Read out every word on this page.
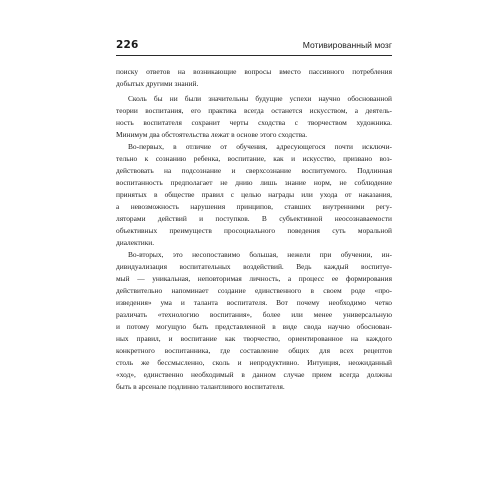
226	Мотивированный мозг
поиску ответов на возникающие вопросы вместо пассивного потребления
добытых другими знаний.
Сколь бы ни были значительны будущие успехи научно обоснованной
теории воспитания, его практика всегда останется искусством, а деятель-
ность воспитателя сохранит черты сходства с творчеством художника.
Минимум два обстоятельства лежат в основе этого сходства.
Во-первых, в отличие от обучения, адресующегося почти исключи-
тельно к сознанию ребенка, воспитание, как и искусство, призвано воз-
действовать на подсознание и сверхсознание воспитуемого. Подлинная
воспитанность предполагает не днию лишь знание норм, не соблюдение
принятых в обществе правил с целью награды или ухода от наказания,
а невозможность нарушения принципов, ставших внутренними регу-
ляторами действий и поступков. В субъективной неосознаваемости
объективных преимуществ просоциального поведения суть моральной
диалектики.
Во-вторых, это несопоставимо большая, нежели при обучении, ин-
дивидуализация воспитательных воздействий. Ведь каждый воспитуе-
мый — уникальная, неповторимая личность, а процесс ее формирования
действительно напоминает создание единственного в своем роде «про-
изведения» ума и таланта воспитателя. Вот почему необходимо четко
различать «технологию воспитания», более или менее универсальную
и потому могущую быть представленной в виде свода научно обоснован-
ных правил, и воспитание как творчество, ориентированное на каждого
конкретного воспитанника, где составление общих для всех рецептов
столь же бессмысленно, сколь и непродуктивно. Интуиция, неожиданный
«ход», единственно необходимый в данном случае прием всегда должны
быть в арсенале подлинно талантливого воспитателя.
